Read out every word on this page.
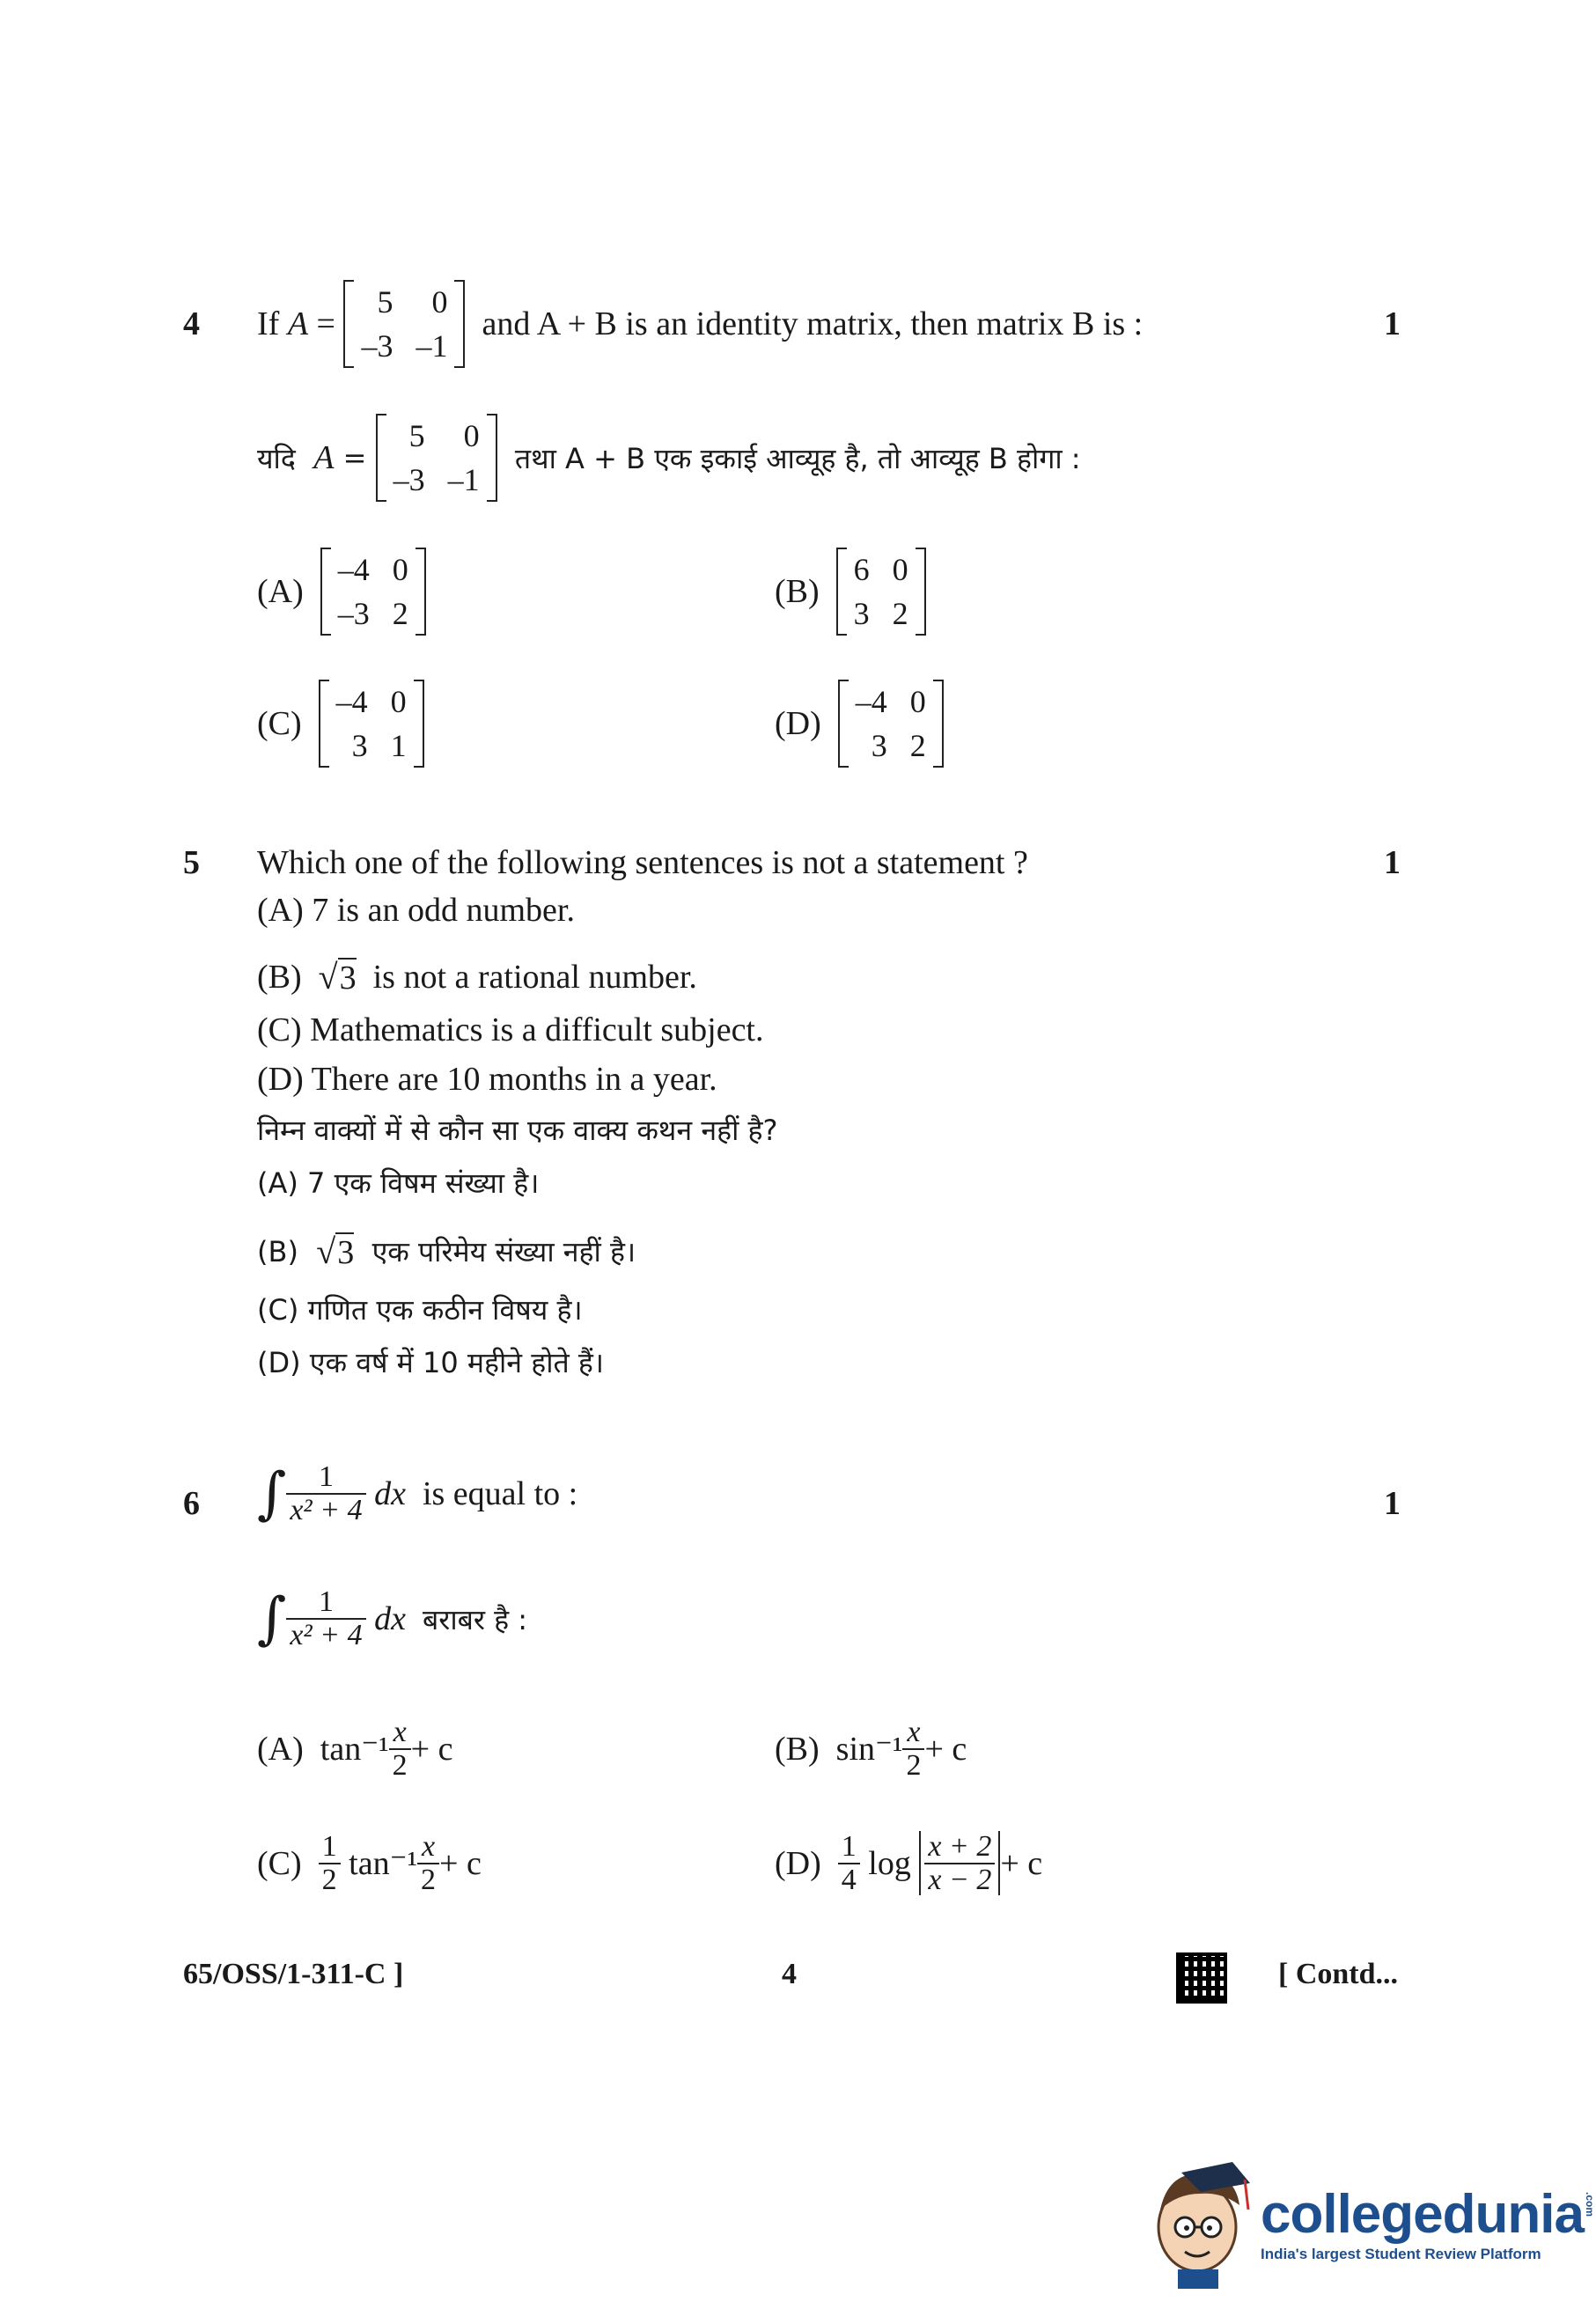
4	1
If
A =
5	0
–3 –1

and A + B is an identity matrix, then matrix B is :
यदि
A =
5	0
–3 –1

तथा A + B एक इकाई आव्यूह है, तो आव्यूह B होगा :
(A)

–4 0
–3 2
(B)

6 0
3 2
(C)

–4 0
3 1
(D)

–4 0
3 2
5	1
Which one of the following sentences is not a statement ?
(A) 7 is an odd number.
(B)
√3
is not a rational number.
(C) Mathematics is a difficult subject.
(D) There are 10 months in a year.
निम्न वाक्यों में से कौन सा एक वाक्य कथन नहीं है?
(A) 7 एक विषम संख्या है।
(B)
√3
एक परिमेय संख्या नहीं है।
(C) गणित एक कठीन विषय है।
(D) एक वर्ष में 10 महीने होते हैं।
6	1
∫ $\frac{1}{\text{x² + 4}}$
dx
is equal to :
∫ $\frac{1}{\text{x² + 4}}$
dx
बराबर है :
(A)
$\tan^{-1} \frac{x}{2} + c$	(B)
$\sin^{-1} \frac{x}{2} + c$
(C)
$\frac{1}{2}$
$\tan^{-1} \frac{x}{2} + c$	(D)
$\frac{1}{4}$
log
$\frac{x + 2}{x - 2} + c$
65/OSS/1-311-C ]	4	[ Contd...
collegedunia .com
India's largest Student Review Platform
